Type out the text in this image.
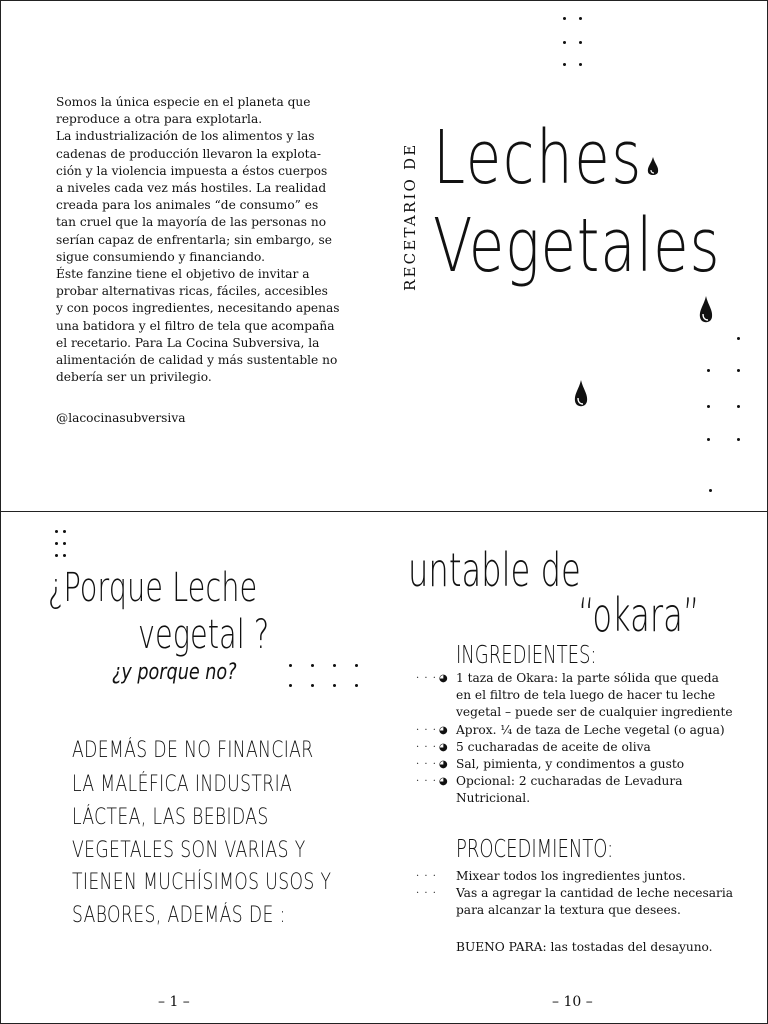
Somos la única especie en el planeta que

reproduce a otra para explotarla.

La industrialización de los alimentos y las

cadenas de producción llevaron la explota-

ción y la violencia impuesta a éstos cuerpos

a niveles cada vez más hostiles. La realidad

creada para los animales “de consumo” es

tan cruel que la mayoría de las personas no

serían capaz de enfrentarla; sin embargo, se

sigue consumiendo y financiando.

Éste fanzine tiene el objetivo de invitar a

probar alternativas ricas, fáciles, accesibles

y con pocos ingredientes, necesitando apenas

una batidora y el filtro de tela que acompaña

el recetario. Para La Cocina Subversiva, la

alimentación de calidad y más sustentable no

debería ser un privilegio.

@lacocinasubversiva
RECETARIO DE Leches
Vegetales
¿Porque Leche
vegetal ?
¿y porque no?
ADEMÁS DE NO FINANCIAR
LA MALÉFICA INDUSTRIA
LÁCTEA, LAS BEBIDAS
VEGETALES SON VARIAS Y
TIENEN MUCHÍSIMOS USOS Y
SABORES, ADEMÁS DE :
– 1 –
untable de
“okara”
INGREDIENTES:
· · · ◕ 1 taza de Okara: la parte sólida que queda
en el filtro de tela luego de hacer tu leche
vegetal – puede ser de cualquier ingrediente
· · · ◕ Aprox. ¼ de taza de Leche vegetal (o agua)
· · · ◕ 5 cucharadas de aceite de oliva
· · · ◕ Sal, pimienta, y condimentos a gusto
· · · ◕ Opcional: 2 cucharadas de Levadura
Nutricional.
PROCEDIMIENTO:
· · · Mixear todos los ingredientes juntos.
· · · Vas a agregar la cantidad de leche necesaria
para alcanzar la textura que desees.
BUENO PARA: las tostadas del desayuno.
– 10 –
